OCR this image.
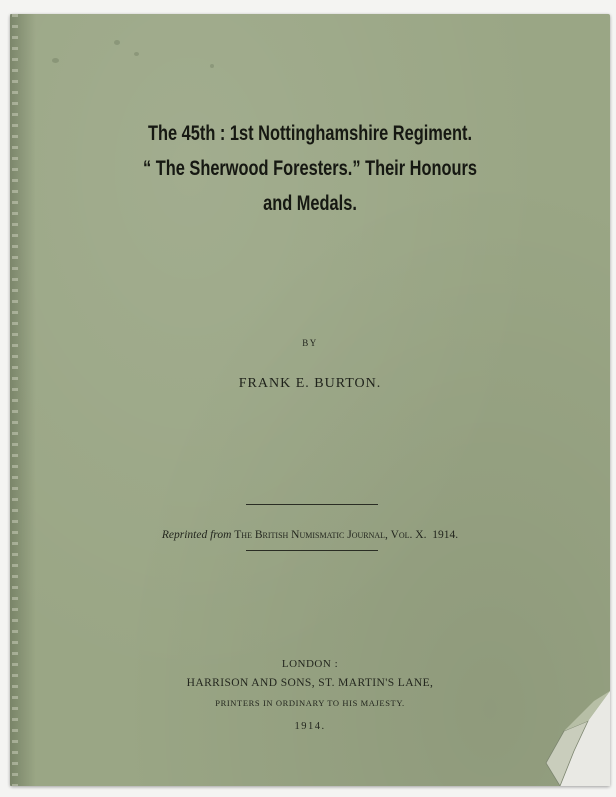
The 45th : 1st Nottinghamshire Regiment.
“ The Sherwood Foresters.” Their Honours
and Medals.
BY
FRANK E. BURTON.
Reprinted from The British Numismatic Journal, Vol. X. 1914.
LONDON :
HARRISON AND SONS, ST. MARTIN'S LANE,
PRINTERS IN ORDINARY TO HIS MAJESTY.
1914.
